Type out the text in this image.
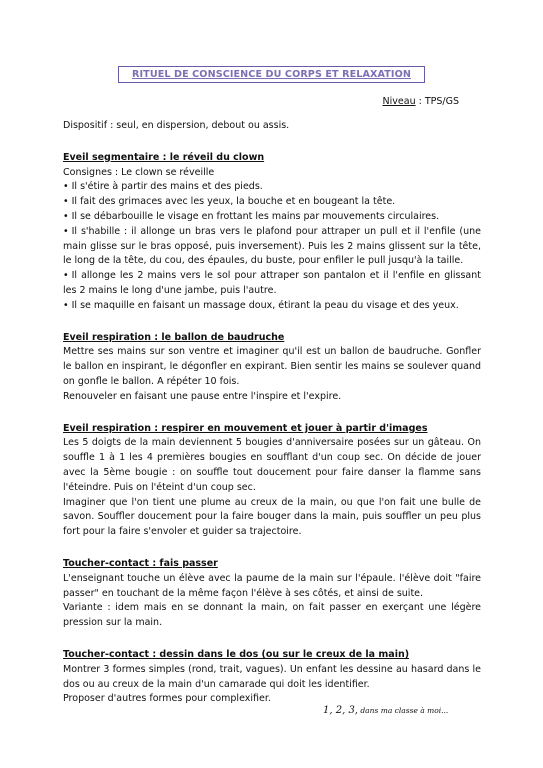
RITUEL DE CONSCIENCE DU CORPS ET RELAXATION
Niveau : TPS/GS

Dispositif : seul, en dispersion, debout ou assis.

Eveil segmentaire : le réveil du clown

Consignes : Le clown se réveille

• Il s'étire à partir des mains et des pieds.

• Il fait des grimaces avec les yeux, la bouche et en bougeant la tête.

• Il se débarbouille le visage en frottant les mains par mouvements circulaires.

• Il s'habille : il allonge un bras vers le plafond pour attraper un pull et il l'enfile (une main glisse sur le bras opposé, puis inversement). Puis les 2 mains glissent sur la tête, le long de la tête, du cou, des épaules, du buste, pour enfiler le pull jusqu'à la taille.

• Il allonge les 2 mains vers le sol pour attraper son pantalon et il l'enfile en glissant les 2 mains le long d'une jambe, puis l'autre.

• Il se maquille en faisant un massage doux, étirant la peau du visage et des yeux.

Eveil respiration : le ballon de baudruche

Mettre ses mains sur son ventre et imaginer qu'il est un ballon de baudruche. Gonfler le ballon en inspirant, le dégonfler en expirant. Bien sentir les mains se soulever quand on gonfle le ballon. A répéter 10 fois.

Renouveler en faisant une pause entre l'inspire et l'expire.

Eveil respiration : respirer en mouvement et jouer à partir d'images

Les 5 doigts de la main deviennent 5 bougies d'anniversaire posées sur un gâteau. On souffle 1 à 1 les 4 premières bougies en soufflant d'un coup sec. On décide de jouer avec la 5ème bougie : on souffle tout doucement pour faire danser la flamme sans l'éteindre. Puis on l'éteint d'un coup sec.

Imaginer que l'on tient une plume au creux de la main, ou que l'on fait une bulle de savon. Souffler doucement pour la faire bouger dans la main, puis souffler un peu plus fort pour la faire s'envoler et guider sa trajectoire.

Toucher-contact : fais passer

L'enseignant touche un élève avec la paume de la main sur l'épaule. l'élève doit "faire passer" en touchant de la même façon l'élève à ses côtés, et ainsi de suite.

Variante : idem mais en se donnant la main, on fait passer en exerçant une légère pression sur la main.

Toucher-contact : dessin dans le dos (ou sur le creux de la main)

Montrer 3 formes simples (rond, trait, vagues). Un enfant les dessine au hasard dans le dos ou au creux de la main d'un camarade qui doit les identifier.

Proposer d'autres formes pour complexifier.

1, 2, 3, dans ma classe à moi...
